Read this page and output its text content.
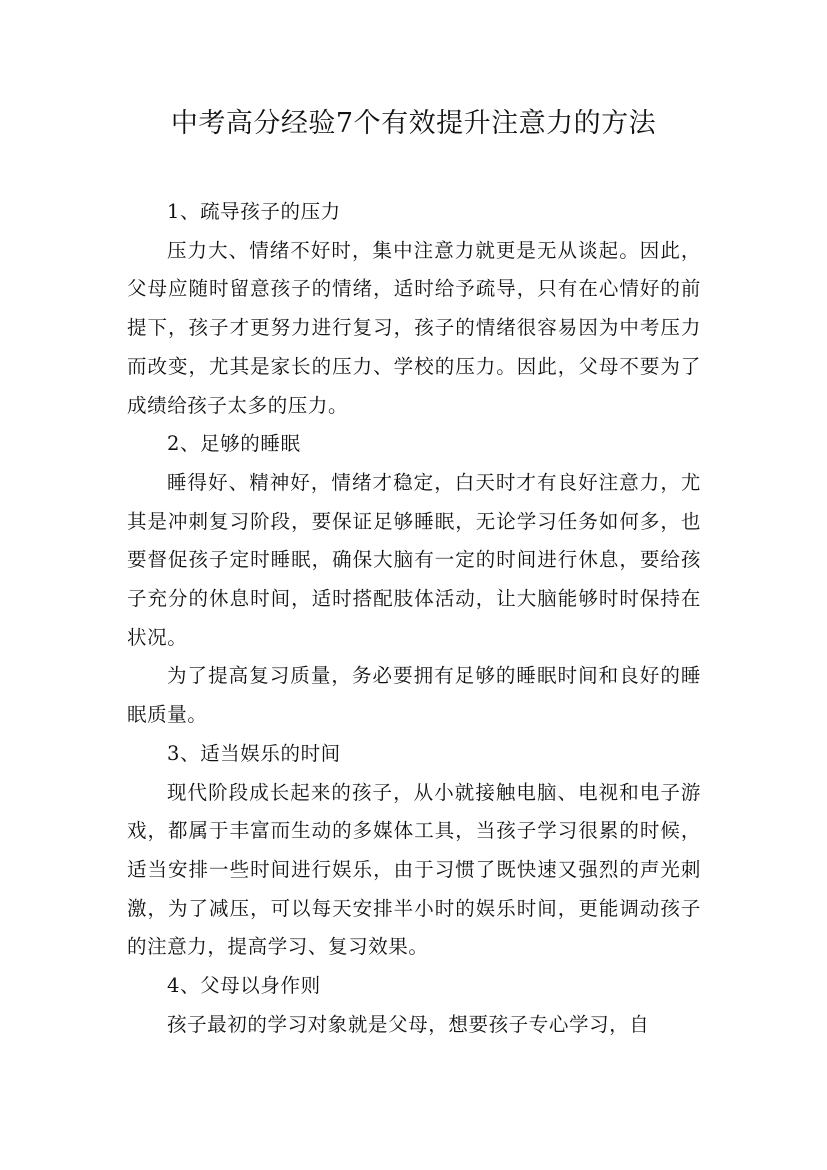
中考高分经验7个有效提升注意力的方法

1、疏导孩子的压力

压力大、情绪不好时，集中注意力就更是无从谈起。因此，父母应随时留意孩子的情绪，适时给予疏导，只有在心情好的前提下，孩子才更努力进行复习，孩子的情绪很容易因为中考压力而改变，尤其是家长的压力、学校的压力。因此，父母不要为了成绩给孩子太多的压力。

2、足够的睡眠

睡得好、精神好，情绪才稳定，白天时才有良好注意力，尤其是冲刺复习阶段，要保证足够睡眠，无论学习任务如何多，也要督促孩子定时睡眠，确保大脑有一定的时间进行休息，要给孩子充分的休息时间，适时搭配肢体活动，让大脑能够时时保持在状况。

为了提高复习质量，务必要拥有足够的睡眠时间和良好的睡眠质量。

3、适当娱乐的时间

现代阶段成长起来的孩子，从小就接触电脑、电视和电子游戏，都属于丰富而生动的多媒体工具，当孩子学习很累的时候，适当安排一些时间进行娱乐，由于习惯了既快速又强烈的声光刺激，为了减压，可以每天安排半小时的娱乐时间，更能调动孩子的注意力，提高学习、复习效果。

4、父母以身作则

孩子最初的学习对象就是父母，想要孩子专心学习，自
